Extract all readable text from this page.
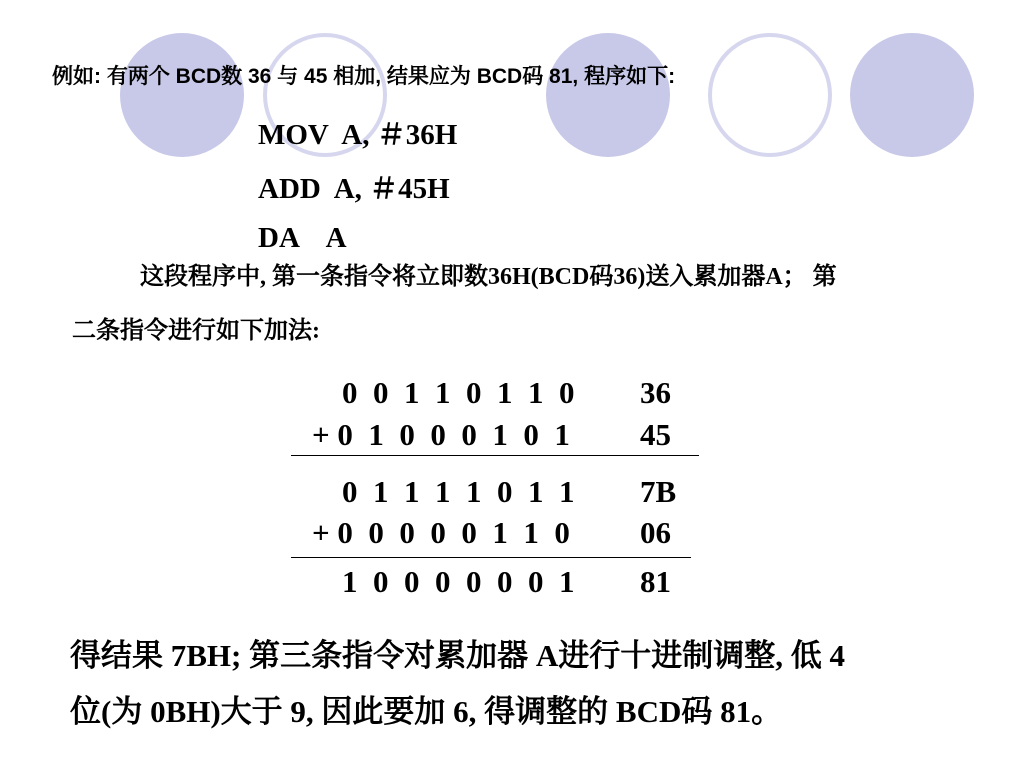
例如: 有两个 BCD数 36 与 45 相加, 结果应为 BCD码 81, 程序如下:
MOV  A, ＃36H
ADD  A, ＃45H
DA    A
这段程序中, 第一条指令将立即数36H(BCD码36)送入累加器A； 第
二条指令进行如下加法:
0  0  1  1  0  1  1  0 36
+ 0  1  0  0  0  1  0  1 45
0  1  1  1  1  0  1  1 7B
+ 0  0  0  0  0  1  1  0 06
1  0  0  0  0  0  0  1 81
得结果 7BH; 第三条指令对累加器 A进行十进制调整, 低 4
位(为 0BH)大于 9, 因此要加 6, 得调整的 BCD码 81。
